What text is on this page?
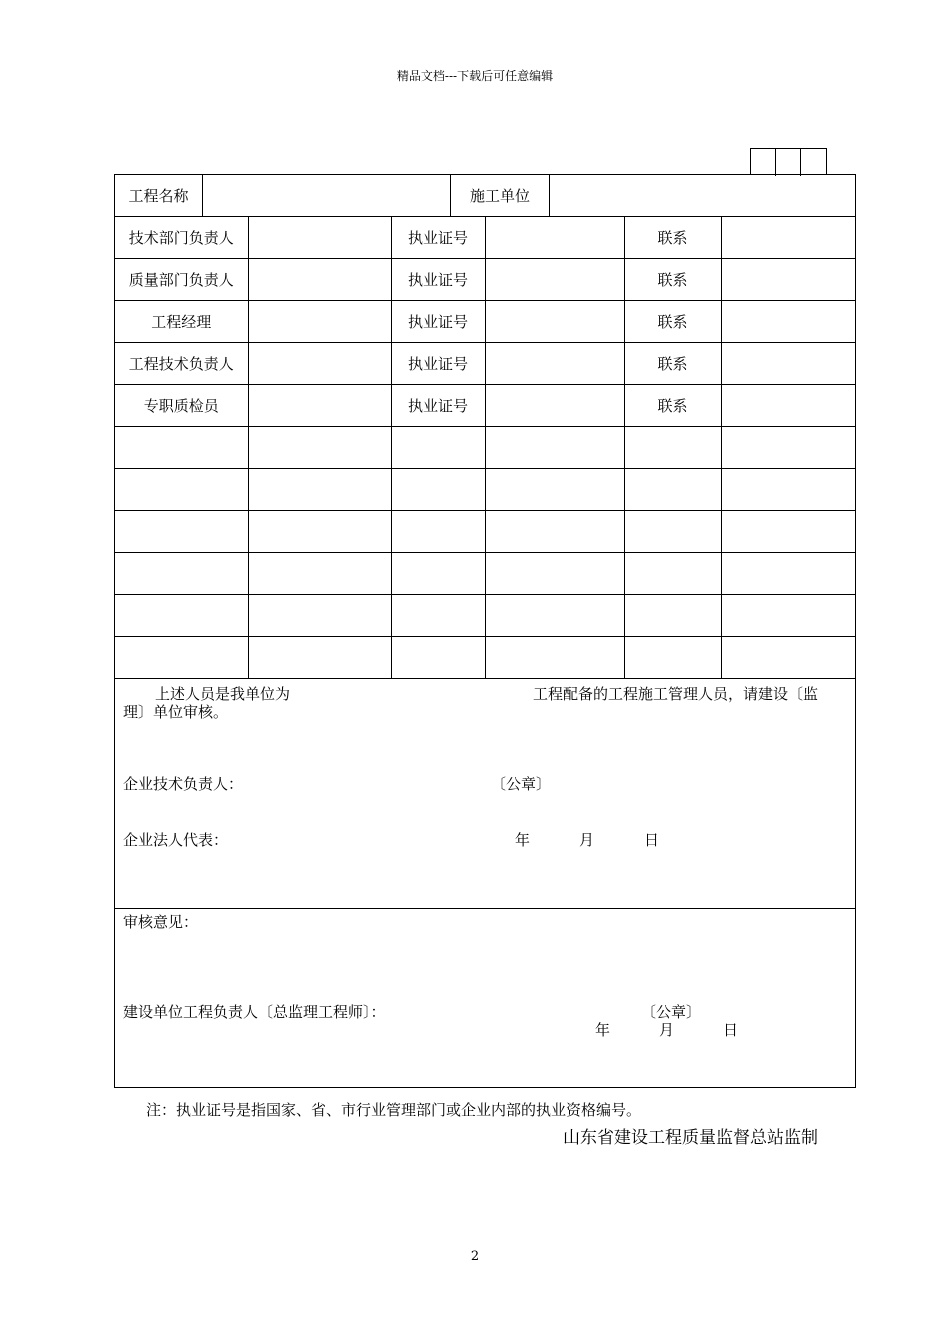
精品文档---下载后可任意编辑
工程名称	施工单位
技术部门负责人		执业证号		联系	
质量部门负责人		执业证号		联系	
工程经理		执业证号		联系	
工程技术负责人		执业证号		联系	
专职质检员		执业证号		联系	

上述人员是我单位为	工程配备的工程施工管理人员，请建设〔监
理〕单位审核。
企业技术负责人：	〔公章〕
企业法人代表：	年	月	日
审核意见：
建设单位工程负责人〔总监理工程师〕：	〔公章〕
年	月	日
注：执业证号是指国家、省、市行业管理部门或企业内部的执业资格编号。
山东省建设工程质量监督总站监制
2
